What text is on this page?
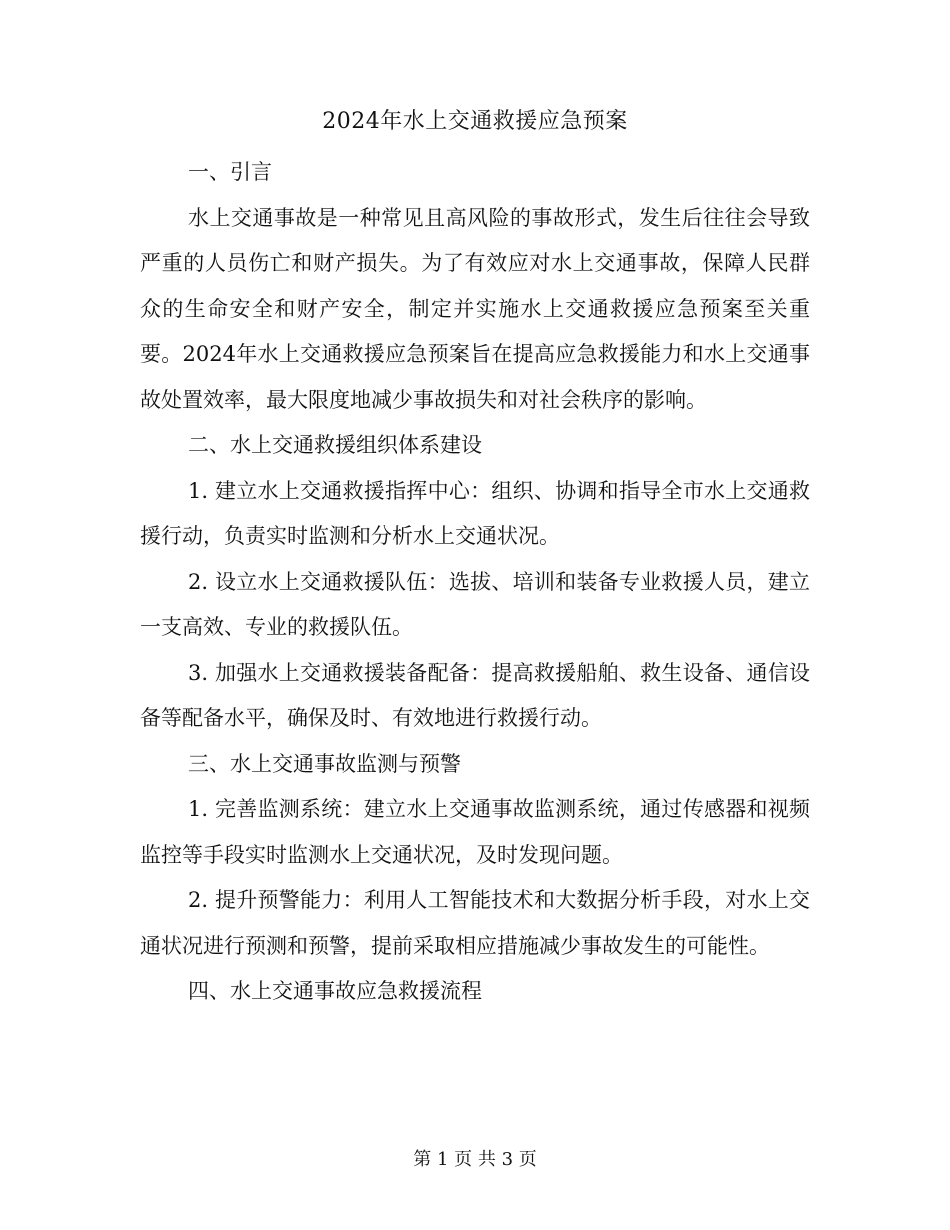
2024年水上交通救援应急预案

一、引言

水上交通事故是一种常见且高风险的事故形式，发生后往往会导致严重的人员伤亡和财产损失。为了有效应对水上交通事故，保障人民群众的生命安全和财产安全，制定并实施水上交通救援应急预案至关重要。2024年水上交通救援应急预案旨在提高应急救援能力和水上交通事故处置效率，最大限度地减少事故损失和对社会秩序的影响。

二、水上交通救援组织体系建设

1. 建立水上交通救援指挥中心：组织、协调和指导全市水上交通救援行动，负责实时监测和分析水上交通状况。

2. 设立水上交通救援队伍：选拔、培训和装备专业救援人员，建立一支高效、专业的救援队伍。

3. 加强水上交通救援装备配备：提高救援船舶、救生设备、通信设备等配备水平，确保及时、有效地进行救援行动。

三、水上交通事故监测与预警

1. 完善监测系统：建立水上交通事故监测系统，通过传感器和视频监控等手段实时监测水上交通状况，及时发现问题。

2. 提升预警能力：利用人工智能技术和大数据分析手段，对水上交通状况进行预测和预警，提前采取相应措施减少事故发生的可能性。

四、水上交通事故应急救援流程

第 1 页 共 3 页
